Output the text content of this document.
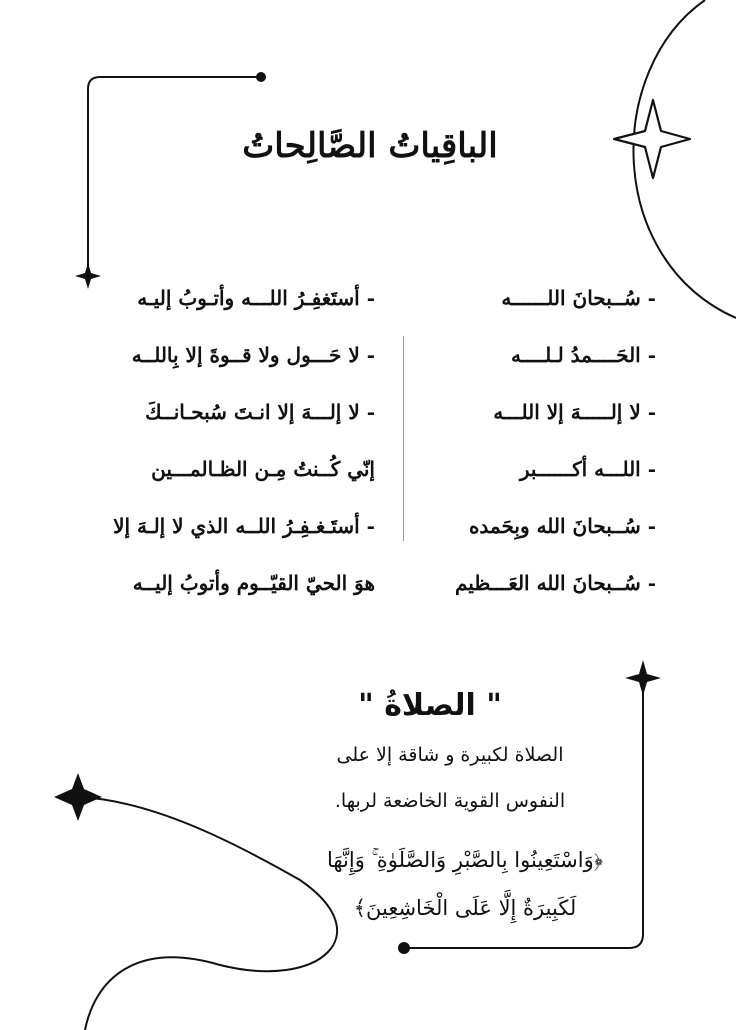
الباقِياتُ الصَّالِحاتُ
- سُــبحانَ اللــــــه
- الحَــــمدُ لـلــــه
- لا إلـــــهَ إلا اللـــه
- اللـــه أكــــــبر
- سُــبحانَ الله وبِحَمده
- سُــبحانَ الله العَـــظيم
- أستَغفِـرُ اللـــه وأتـوبُ إليـه
- لا حَـــول ولا قــوةَ إلا بِاللــه
- لا إلـــهَ إلا انـتَ سُبحـانــكَ
إنّي كُــنتُ مِـن الظـالمـــين
- أستَـغـفِـرُ اللــه الذي لا إلـهَ إلا
هوَ الحيّ القيّــوم وأتوبُ إليــه
" الصلاةُ "
الصلاة لكبيرة و شاقة إلا على
النفوس القوية الخاضعة لربها.
﴿وَاسْتَعِينُوا بِالصَّبْرِ وَالصَّلَوٰةِ ۚ وَإِنَّهَا
لَكَبِيرَةٌ إِلَّا عَلَى الْخَاشِعِينَ﴾
